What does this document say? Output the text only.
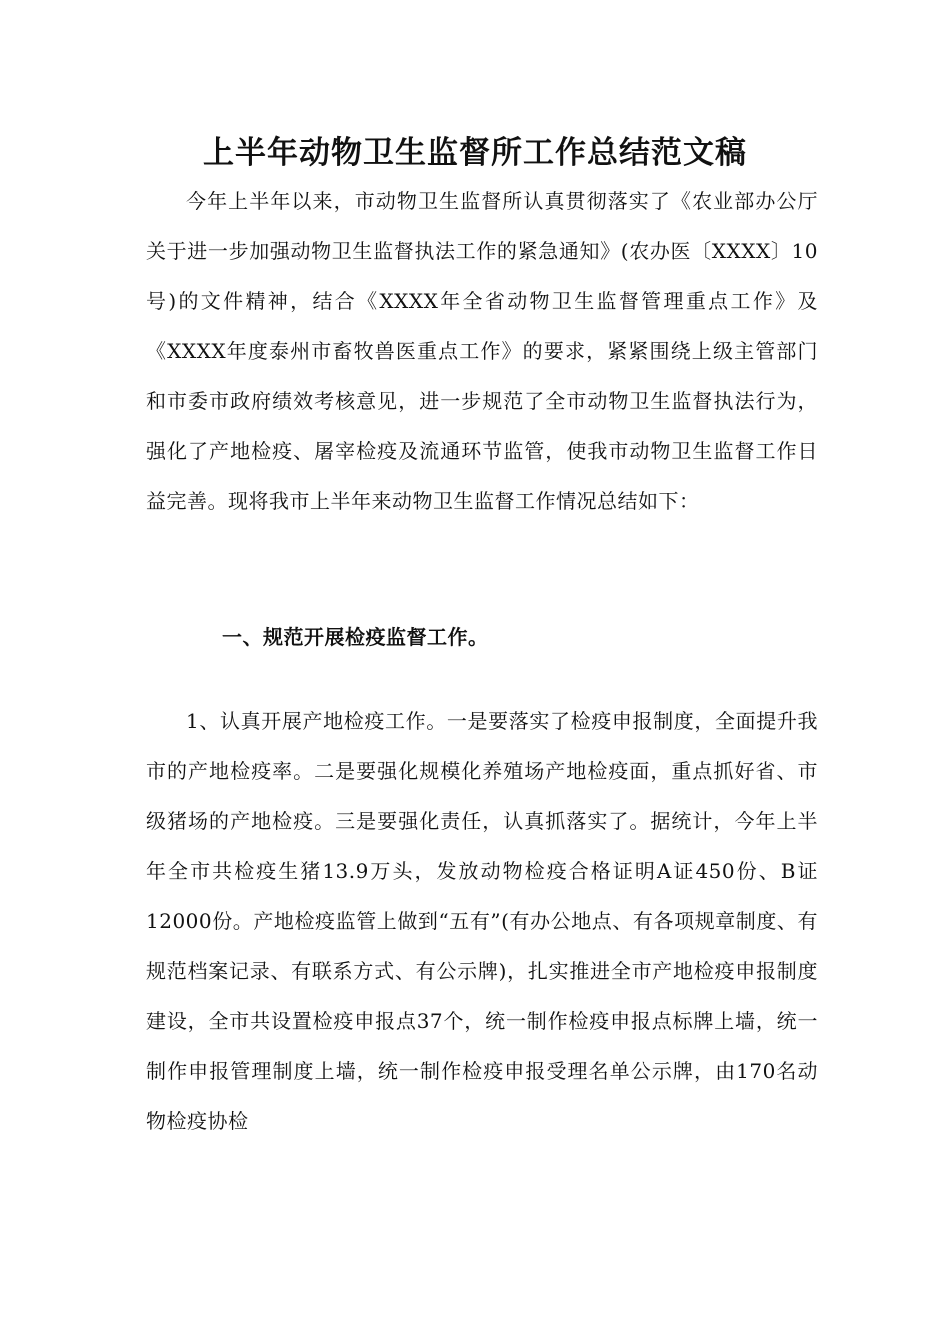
上半年动物卫生监督所工作总结范文稿

今年上半年以来，市动物卫生监督所认真贯彻落实了《农业部办公厅关于进一步加强动物卫生监督执法工作的紧急通知》(农办医〔XXXX〕10号)的文件精神，结合《XXXX年全省动物卫生监督管理重点工作》及《XXXX年度泰州市畜牧兽医重点工作》的要求，紧紧围绕上级主管部门和市委市政府绩效考核意见，进一步规范了全市动物卫生监督执法行为，强化了产地检疫、屠宰检疫及流通环节监管，使我市动物卫生监督工作日益完善。现将我市上半年来动物卫生监督工作情况总结如下：

一、规范开展检疫监督工作。

1、认真开展产地检疫工作。一是要落实了检疫申报制度，全面提升我市的产地检疫率。二是要强化规模化养殖场产地检疫面，重点抓好省、市级猪场的产地检疫。三是要强化责任，认真抓落实了。据统计，今年上半年全市共检疫生猪13.9万头，发放动物检疫合格证明A证450份、B证12000份。产地检疫监管上做到“五有”(有办公地点、有各项规章制度、有规范档案记录、有联系方式、有公示牌)，扎实推进全市产地检疫申报制度建设，全市共设置检疫申报点37个，统一制作检疫申报点标牌上墙，统一制作申报管理制度上墙，统一制作检疫申报受理名单公示牌，由170名动物检疫协检
